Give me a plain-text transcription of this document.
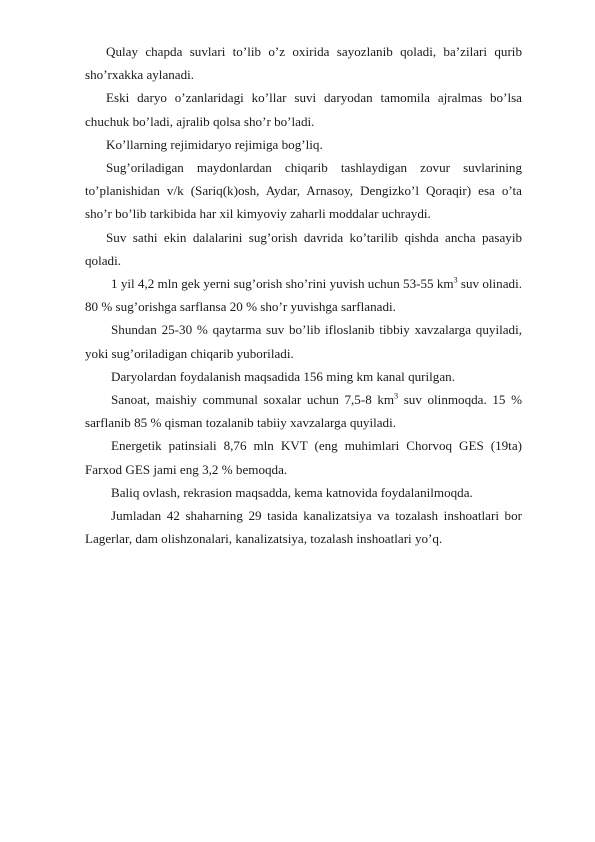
Qulay chapda suvlari to’lib o’z oxirida sayozlanib qoladi, ba’zilari qurib sho’rxakka aylanadi.

Eski daryo o’zanlaridagi ko’llar suvi daryodan tamomila ajralmas bo’lsa chuchuk bo’ladi, ajralib qolsa sho’r bo’ladi.

Ko’llarning rejimidaryo rejimiga bog’liq.

Sug’oriladigan maydonlardan chiqarib tashlaydigan zovur suvlarining to’planishidan v/k (Sariq(k)osh, Aydar, Arnasoy, Dengizko’l Qoraqir) esa o’ta sho’r bo’lib tarkibida har xil kimyoviy zaharli moddalar uchraydi.

Suv sathi ekin dalalarini sug’orish davrida ko’tarilib qishda ancha pasayib qoladi.

1 yil 4,2 mln gek yerni sug’orish sho’rini yuvish uchun 53-55 $km^3$ suv olinadi. 80 % sug’orishga sarflansa 20 % sho’r yuvishga sarflanadi.

Shundan 25-30 % qaytarma suv bo’lib ifloslanib tibbiy xavzalarga quyiladi, yoki sug’oriladigan chiqarib yuboriladi.

Daryolardan foydalanish maqsadida 156 ming km kanal qurilgan.

Sanoat, maishiy communal soxalar uchun 7,5-8 $km^3$ suv olinmoqda. 15 % sarflanib 85 % qisman tozalanib tabiiy xavzalarga quyiladi.

Energetik patinsiali 8,76 mln KVT (eng muhimlari Chorvoq GES (19ta) Farxod GES jami eng 3,2 % bemoqda.

Baliq ovlash, rekrasion maqsadda, kema katnovida foydalanilmoqda.

Jumladan 42 shaharning 29 tasida kanalizatsiya va tozalash inshoatlari bor Lagerlar, dam olishzonalari, kanalizatsiya, tozalash inshoatlari yo’q.
